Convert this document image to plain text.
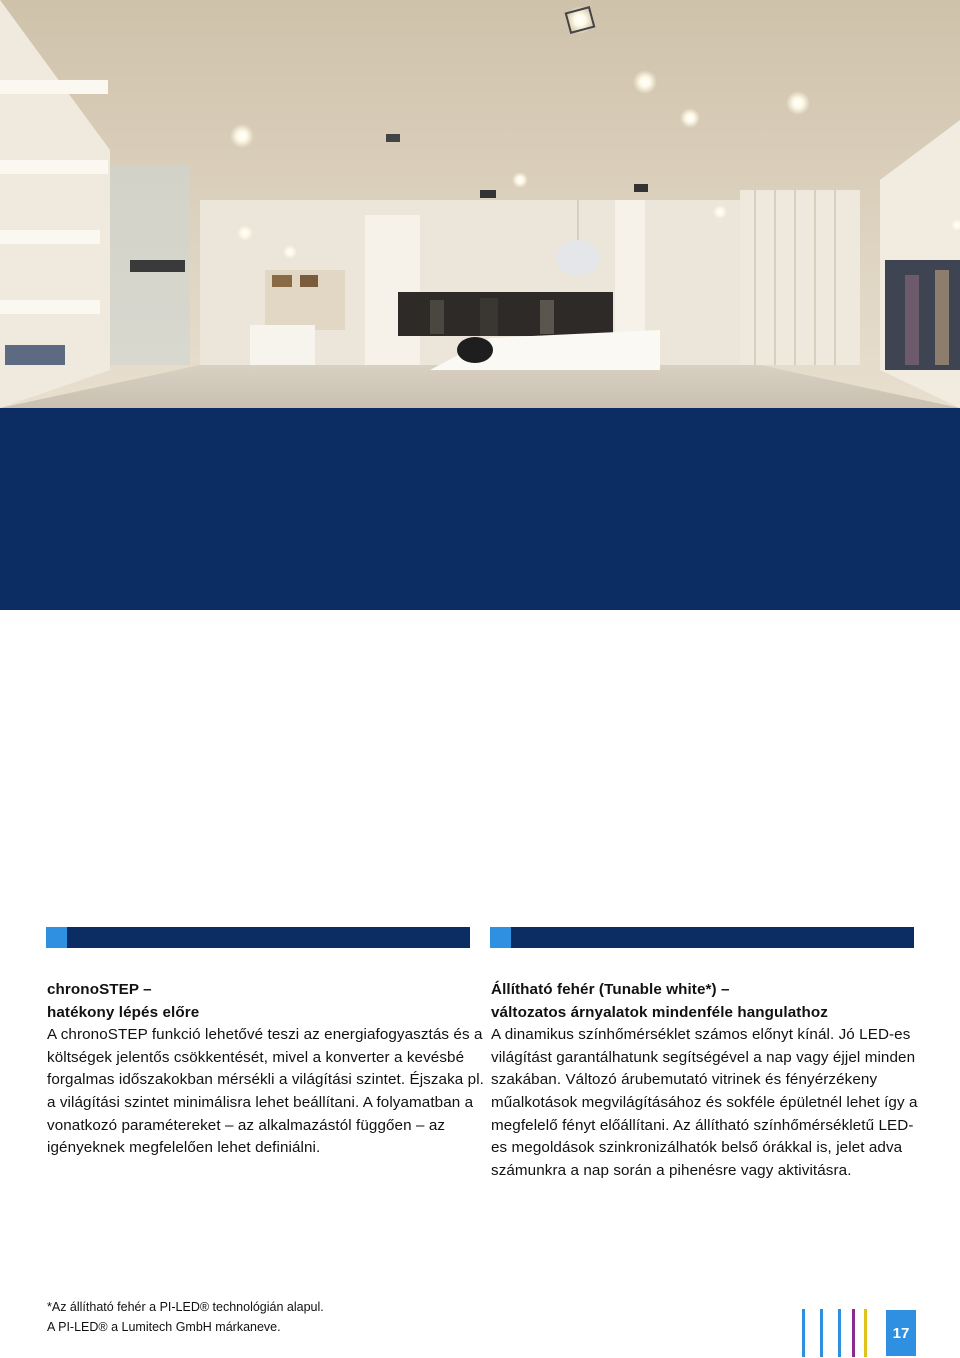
chronoSTEP –
hatékony lépés előre
A chronoSTEP funkció lehetővé teszi az energiafogyasztás és a költségek jelentős csökkentését, mivel a konverter a kevésbé forgalmas időszakokban mérsékli a világítási szintet. Éjszaka pl. a világítási szintet minimálisra lehet beállítani. A folyamatban a vonatkozó paramétereket – az alkalmazástól függően – az igényeknek megfelelően lehet definiálni.
Állítható fehér (Tunable white*) –
változatos árnyalatok mindenféle hangulathoz
A dinamikus színhőmérséklet számos előnyt kínál. Jó LED-es világítást garantálhatunk segítségével a nap vagy éjjel minden szakában. Változó árubemutató vitrinek és fényérzékeny műalkotások megvilágításához és sokféle épületnél lehet így a megfelelő fényt előállítani. Az állítható színhőmérsékletű LED-es megoldások szinkronizálhatók belső órákkal is, jelet adva számunkra a nap során a pihenésre vagy aktivitásra.
*Az állítható fehér a PI-LED® technológián alapul.
A PI-LED® a Lumitech GmbH márkaneve.	17
